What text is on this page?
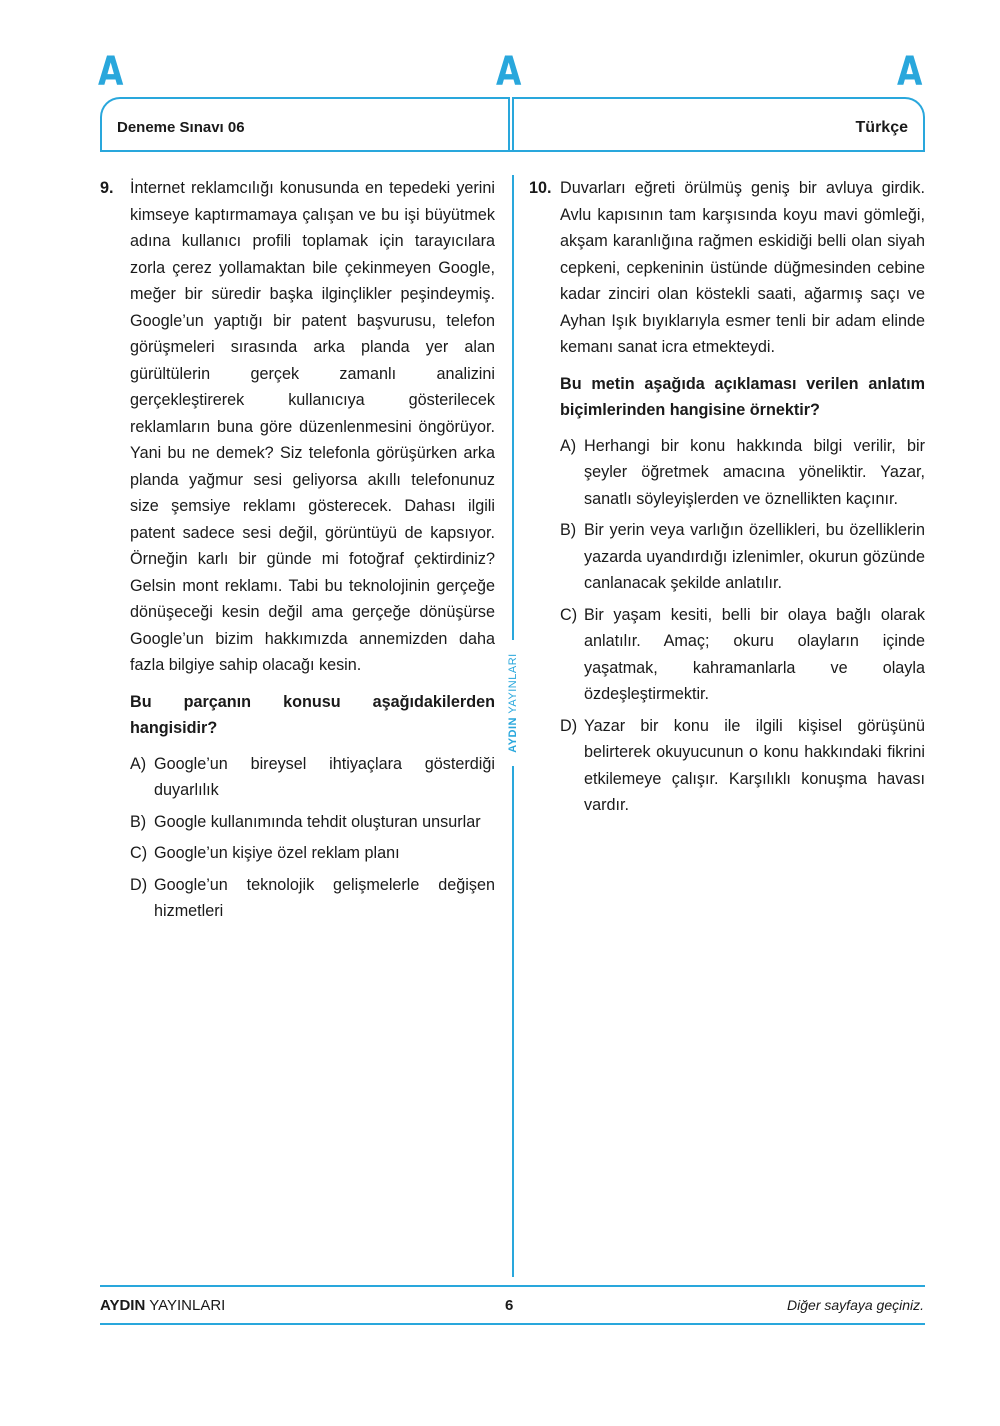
A	A	A
Deneme Sınavı 06	Türkçe
9.	İnternet reklamcılığı konusunda en tepedeki yerini kimseye kaptırmamaya çalışan ve bu işi büyütmek adına kullanıcı profili toplamak için tarayıcılara zorla çerez yollamaktan bile çekinmeyen Google, meğer bir süredir başka ilginçlikler peşindeymiş. Google’un yaptığı bir patent başvurusu, telefon görüşmeleri sırasında arka planda yer alan gürültülerin gerçek zamanlı analizini gerçekleştirerek kullanıcıya gösterilecek reklamların buna göre düzenlenmesini öngörüyor. Yani bu ne demek? Siz telefonla görüşürken arka planda yağmur sesi geliyorsa akıllı telefonunuz size şemsiye reklamı gösterecek. Dahası ilgili patent sadece sesi değil, görüntüyü de kapsıyor. Örneğin karlı bir günde mi fotoğraf çektirdiniz? Gelsin mont reklamı. Tabi bu teknolojinin gerçeğe dönüşeceği kesin değil ama gerçeğe dönüşürse Google’un bizim hakkımızda annemizden daha fazla bilgiye sahip olacağı kesin.

Bu parçanın konusu aşağıdakilerden hangisidir?

A) Google’un bireysel ihtiyaçlara gösterdiği duyarlılık
B) Google kullanımında tehdit oluşturan unsurlar
C) Google’un kişiye özel reklam planı
D) Google’un teknolojik gelişmelerle değişen hizmetleri
AYDIN YAYINLARI
10. Duvarları eğreti örülmüş geniş bir avluya girdik. Avlu kapısının tam karşısında koyu mavi gömleği, akşam karanlığına rağmen eskidiği belli olan siyah cepkeni, cepkeninin üstünde düğmesinden cebine kadar zinciri olan köstekli saati, ağarmış saçı ve Ayhan Işık bıyıklarıyla esmer tenli bir adam elinde kemanı sanat icra etmekteydi.

Bu metin aşağıda açıklaması verilen anlatım biçimlerinden hangisine örnektir?

A) Herhangi bir konu hakkında bilgi verilir, bir şeyler öğretmek amacına yöneliktir. Yazar, sanatlı söyleyişlerden ve öznellikten kaçınır.
B) Bir yerin veya varlığın özellikleri, bu özelliklerin yazarda uyandırdığı izlenimler, okurun gözünde canlanacak şekilde anlatılır.
C) Bir yaşam kesiti, belli bir olaya bağlı olarak anlatılır. Amaç; okuru olayların içinde yaşatmak, kahramanlarla ve olayla özdeşleştirmektir.
D) Yazar bir konu ile ilgili kişisel görüşünü belirterek okuyucunun o konu hakkındaki fikrini etkilemeye çalışır. Karşılıklı konuşma havası vardır.
AYDIN YAYINLARI	6	Diğer sayfaya geçiniz.
